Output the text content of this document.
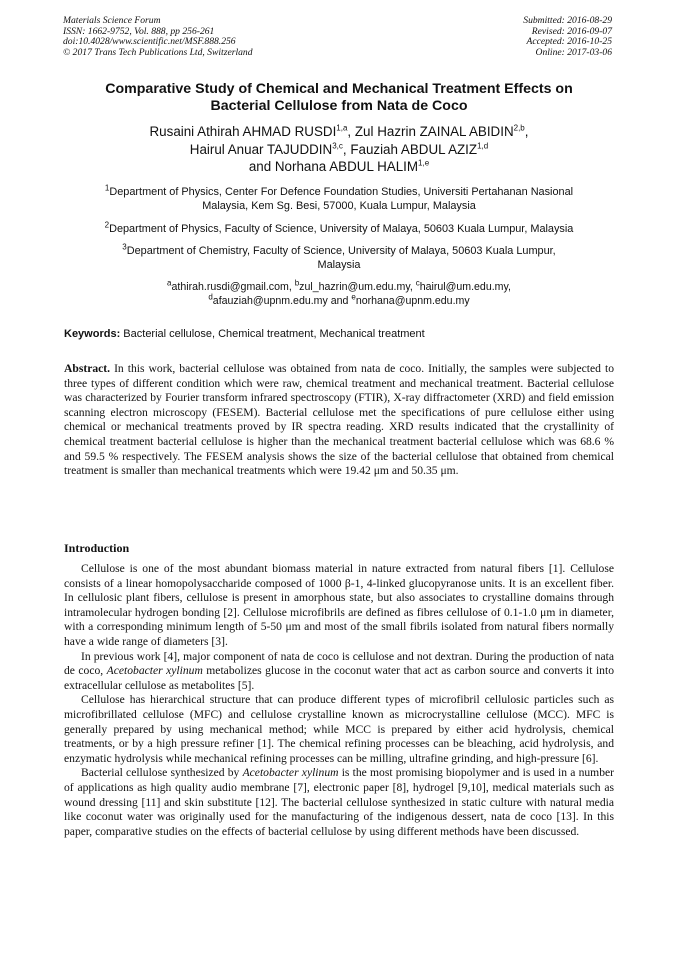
Materials Science Forum
ISSN: 1662-9752, Vol. 888, pp 256-261
doi:10.4028/www.scientific.net/MSF.888.256
© 2017 Trans Tech Publications Ltd, Switzerland
Submitted: 2016-08-29
Revised: 2016-09-07
Accepted: 2016-10-25
Online: 2017-03-06
Comparative Study of Chemical and Mechanical Treatment Effects on
Bacterial Cellulose from Nata de Coco
Rusaini Athirah AHMAD RUSDI$^{1,a}$, Zul Hazrin ZAINAL ABIDIN$^{2,b}$,
Hairul Anuar TAJUDDIN$^{3,c}$, Fauziah ABDUL AZIZ$^{1,d}$
and Norhana ABDUL HALIM$^{1,e}$
$^1$Department of Physics, Center For Defence Foundation Studies, Universiti Pertahanan Nasional
Malaysia, Kem Sg. Besi, 57000, Kuala Lumpur, Malaysia
$^2$Department of Physics, Faculty of Science, University of Malaya, 50603 Kuala Lumpur, Malaysia
$^3$Department of Chemistry, Faculty of Science, University of Malaya, 50603 Kuala Lumpur,
Malaysia
$^a$athirah.rusdi@gmail.com, $^b$zul_hazrin@um.edu.my, $^c$hairul@um.edu.my,
$^d$afauziah@upnm.edu.my and $^e$norhana@upnm.edu.my
Keywords: Bacterial cellulose, Chemical treatment, Mechanical treatment

Abstract. In this work, bacterial cellulose was obtained from nata de coco. Initially, the samples were subjected to three types of different condition which were raw, chemical treatment and mechanical treatment. Bacterial cellulose was characterized by Fourier transform infrared spectroscopy (FTIR), X-ray diffractometer (XRD) and field emission scanning electron microscopy (FESEM). Bacterial cellulose met the specifications of pure cellulose either using chemical or mechanical treatments proved by IR spectra reading. XRD results indicated that the crystallinity of chemical treatment bacterial cellulose is higher than the mechanical treatment bacterial cellulose which was 68.6 % and 59.5 % respectively. The FESEM analysis shows the size of the bacterial cellulose that obtained from chemical treatment is smaller than mechanical treatments which were 19.42 μm and 50.35 μm.

Introduction

Cellulose is one of the most abundant biomass material in nature extracted from natural fibers [1]. Cellulose consists of a linear homopolysaccharide composed of 1000 β-1, 4-linked glucopyranose units. It is an excellent fiber. In cellulosic plant fibers, cellulose is present in amorphous state, but also associates to crystalline domains through intramolecular hydrogen bonding [2]. Cellulose microfibrils are defined as fibres cellulose of 0.1-1.0 μm in diameter, with a corresponding minimum length of 5-50 μm and most of the small fibrils isolated from natural fibers normally have a wide range of diameters [3].

In previous work [4], major component of nata de coco is cellulose and not dextran. During the production of nata de coco, Acetobacter xylinum metabolizes glucose in the coconut water that act as carbon source and converts it into extracellular cellulose as metabolites [5].

Cellulose has hierarchical structure that can produce different types of microfibril cellulosic particles such as microfibrillated cellulose (MFC) and cellulose crystalline known as microcrystalline cellulose (MCC). MFC is generally prepared by using mechanical method; while MCC is prepared by either acid hydrolysis, chemical treatments, or by a high pressure refiner [1]. The chemical refining processes can be bleaching, acid hydrolysis, and enzymatic hydrolysis while mechanical refining processes can be milling, ultrafine grinding, and high-pressure [6].

Bacterial cellulose synthesized by Acetobacter xylinum is the most promising biopolymer and is used in a number of applications as high quality audio membrane [7], electronic paper [8], hydrogel [9,10], medical materials such as wound dressing [11] and skin substitute [12]. The bacterial cellulose synthesized in static culture with natural media like coconut water was originally used for the manufacturing of the indigenous dessert, nata de coco [13]. In this paper, comparative studies on the effects of bacterial cellulose by using different methods have been discussed.
